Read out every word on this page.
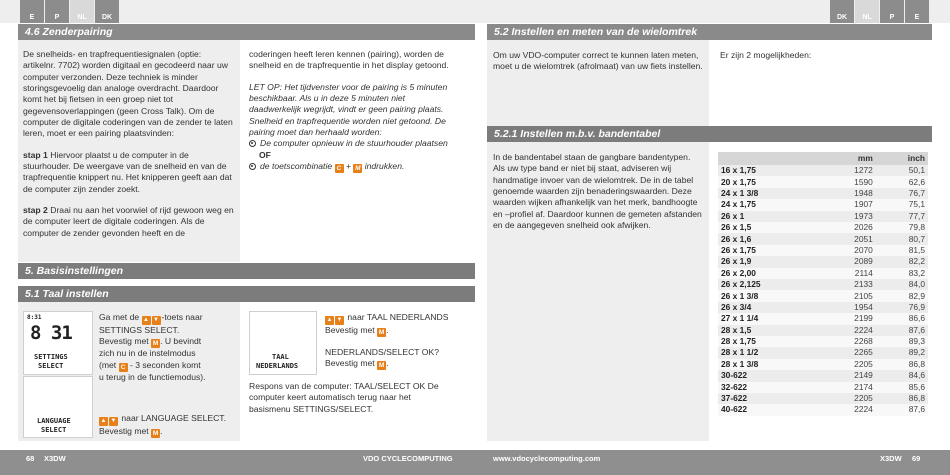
E	P	NL	DK
4.6 Zenderpairing

De snelheids- en trapfrequentiesignalen (optie: artikelnr. 7702) worden digitaal en gecodeerd naar uw computer verzonden. Deze techniek is minder storingsgevoelig dan analoge overdracht. Daardoor komt het bij fietsen in een groep niet tot gegevensoverlappingen (geen Cross Talk). Om de computer de digitale coderingen van de zender te laten leren, moet er een pairing plaatsvinden:

stap 1 Hiervoor plaatst u de computer in de stuurhouder. De weergave van de snelheid en van de trapfrequentie knippert nu. Het knipperen geeft aan dat de computer zijn zender zoekt.

stap 2 Draai nu aan het voorwiel of rijd gewoon weg en de computer leert de digitale coderingen. Als de computer de zender gevonden heeft en de

coderingen heeft leren kennen (pairing), worden de snelheid en de trapfrequentie in het display getoond.

LET OP: Het tijdvenster voor de pairing is 5 minuten beschikbaar. Als u in deze 5 minuten niet daadwerkelijk wegrijdt, vindt er geen pairing plaats. Snelheid en trapfrequentie worden niet getoond. De pairing moet dan herhaald worden:

De computer opnieuw in de stuurhouder plaatsen OF

de toetscombinatie C + M indrukken.

5. Basisinstellingen
5.1 Taal instellen
8:31
8 31
SETTINGS
SELECT
LANGUAGE
SELECT
TAAL
NEDERLANDS

Ga met de ▲ ▼ -toets naar

SETTINGS SELECT.

Bevestig met M . U bevindt

zich nu in de instelmodus

(met C - 3 seconden komt

u terug in de functiemodus).

▲ ▼ naar LANGUAGE SELECT.

Bevestig met M .

▲ ▼ naar TAAL NEDERLANDS

Bevestig met M .

NEDERLANDS/SELECT OK?

Bevestig met M .

Respons van de computer: TAAL/SELECT OK De computer keert automatisch terug naar het basismenu SETTINGS/SELECT.
68 X3DW	VDO CYCLECOMPUTING
DK	NL	P	E
5.2 Instellen en meten van de wielomtrek
Om uw VDO-computer correct te kunnen laten meten, moet u de wielomtrek (afrolmaat) van uw fiets instellen.
Er zijn 2 mogelijkheden:
5.2.1 Instellen m.b.v. bandentabel
In de bandentabel staan de gangbare bandentypen. Als uw type band er niet bij staat, adviseren wij handmatige invoer van de wielomtrek. De in de tabel genoemde waarden zijn benaderingswaarden. Deze waarden wijken afhankelijk van het merk, bandhoogte en –profiel af. Daardoor kunnen de gemeten afstanden en de aangegeven snelheid ook afwijken.
	mm	inch
16 x 1,75	1272	50,1
20 x 1,75	1590	62,6
24 x 1 3/8	1948	76,7
24 x 1,75	1907	75,1
26 x 1	1973	77,7
26 x 1,5	2026	79,8
26 x 1,6	2051	80,7
26 x 1,75	2070	81,5
26 x 1,9	2089	82,2
26 x 2,00	2114	83,2
26 x 2,125	2133	84,0
26 x 1 3/8	2105	82,9
26 x 3/4	1954	76,9
27 x 1 1/4	2199	86,6
28 x 1,5	2224	87,6
28 x 1,75	2268	89,3
28 x 1 1/2	2265	89,2
28 x 1 3/8	2205	86,8
30-622	2149	84,6
32-622	2174	85,6
37-622	2205	86,8
40-622	2224	87,6
www.vdocyclecomputing.com	X3DW 69
